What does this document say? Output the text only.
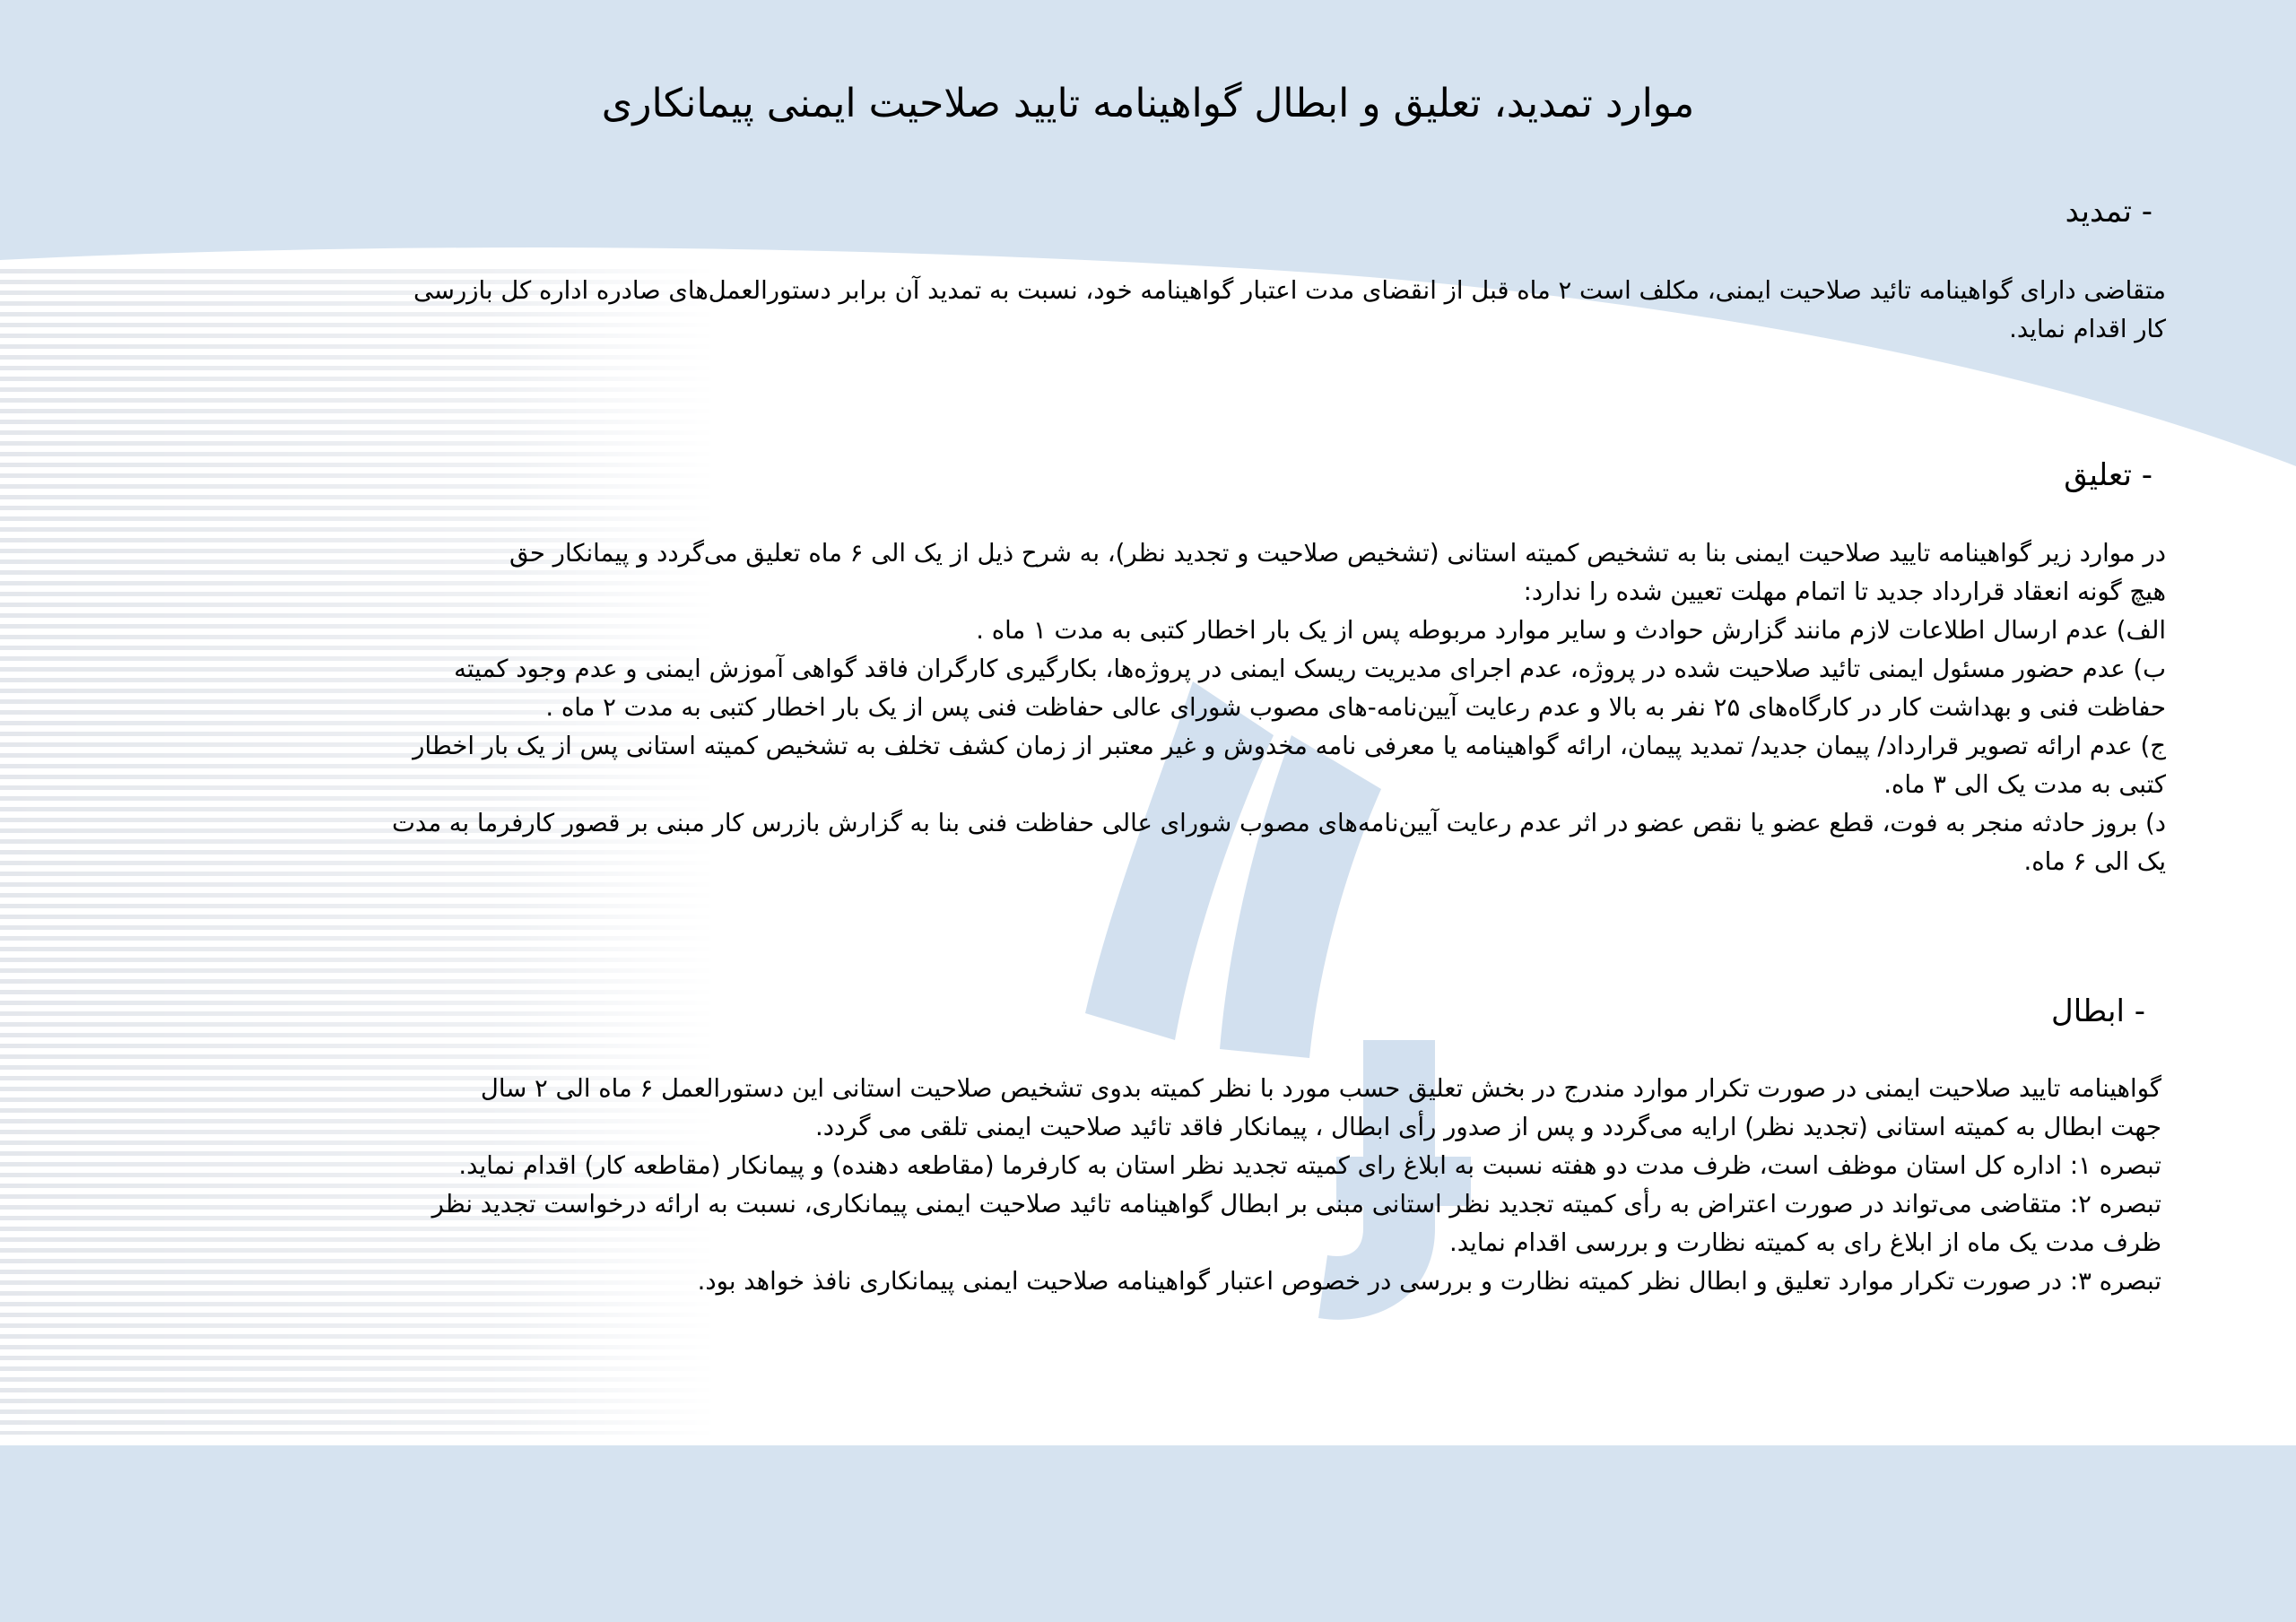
موارد تمدید، تعلیق و ابطال گواهینامه تایید صلاحیت ایمنی پیمانکاری
- تمدید
متقاضی دارای گواهینامه تائید صلاحیت ایمنی، مکلف است ۲ ماه قبل از انقضای مدت اعتبار گواهینامه خود، نسبت به تمدید آن برابر دستورالعمل‌های صادره اداره کل بازرسی
کار اقدام نماید.
- تعلیق
در موارد زیر گواهینامه تایید صلاحیت ایمنی بنا به تشخیص کمیته استانی (تشخیص صلاحیت و تجدید نظر)، به شرح ذیل از یک الی ۶ ماه تعلیق می‌گردد و پیمانکار حق
هیچ گونه انعقاد قرارداد جدید تا اتمام مهلت تعیین شده را ندارد:
الف) عدم ارسال اطلاعات لازم مانند گزارش حوادث و سایر موارد مربوطه پس از یک بار اخطار کتبی به مدت ۱ ماه .
ب) عدم حضور مسئول ایمنی تائید صلاحیت شده در پروژه، عدم اجرای مدیریت ریسک ایمنی در پروژه‌ها، بکارگیری کارگران فاقد گواهی آموزش ایمنی و عدم وجود کمیته
حفاظت فنی و بهداشت کار در کارگاه‌های ۲۵ نفر به بالا و عدم رعایت آیین‌نامه-های مصوب شورای عالی حفاظت فنی پس از یک بار اخطار کتبی به مدت ۲ ماه .
ج) عدم ارائه تصویر قرارداد/ پیمان جدید/ تمدید پیمان، ارائه گواهینامه یا معرفی نامه مخدوش و غیر معتبر از زمان کشف تخلف به تشخیص کمیته استانی پس از یک بار اخطار
کتبی به مدت یک الی ۳ ماه.
د) بروز حادثه منجر به فوت، قطع عضو یا نقص عضو در اثر عدم رعایت آیین‌نامه‌های مصوب شورای عالی حفاظت فنی بنا به گزارش بازرس کار مبنی بر قصور کارفرما به مدت
یک الی ۶ ماه.
- ابطال
گواهینامه تایید صلاحیت ایمنی در صورت تکرار موارد مندرج در بخش تعلیق حسب مورد با نظر کمیته بدوی تشخیص صلاحیت استانی این دستورالعمل ۶ ماه الی ۲ سال
جهت ابطال به کمیته استانی (تجدید نظر) ارایه می‌گردد و پس از صدور رأی ابطال ، پیمانکار فاقد تائید صلاحیت ایمنی تلقی می گردد.
تبصره ۱: اداره کل استان موظف است، ظرف مدت دو هفته نسبت به ابلاغ رای کمیته تجدید نظر استان به کارفرما (مقاطعه دهنده) و پیمانکار (مقاطعه کار) اقدام نماید.
تبصره ۲: متقاضی می‌تواند در صورت اعتراض به رأی کمیته تجدید نظر استانی مبنی بر ابطال گواهینامه تائید صلاحیت ایمنی پیمانکاری، نسبت به ارائه درخواست تجدید نظر
ظرف مدت یک ماه از ابلاغ رای به کمیته نظارت و بررسی اقدام نماید.
تبصره ۳: در صورت تکرار موارد تعلیق و ابطال نظر کمیته نظارت و بررسی در خصوص اعتبار گواهینامه صلاحیت ایمنی پیمانکاری نافذ خواهد بود.
